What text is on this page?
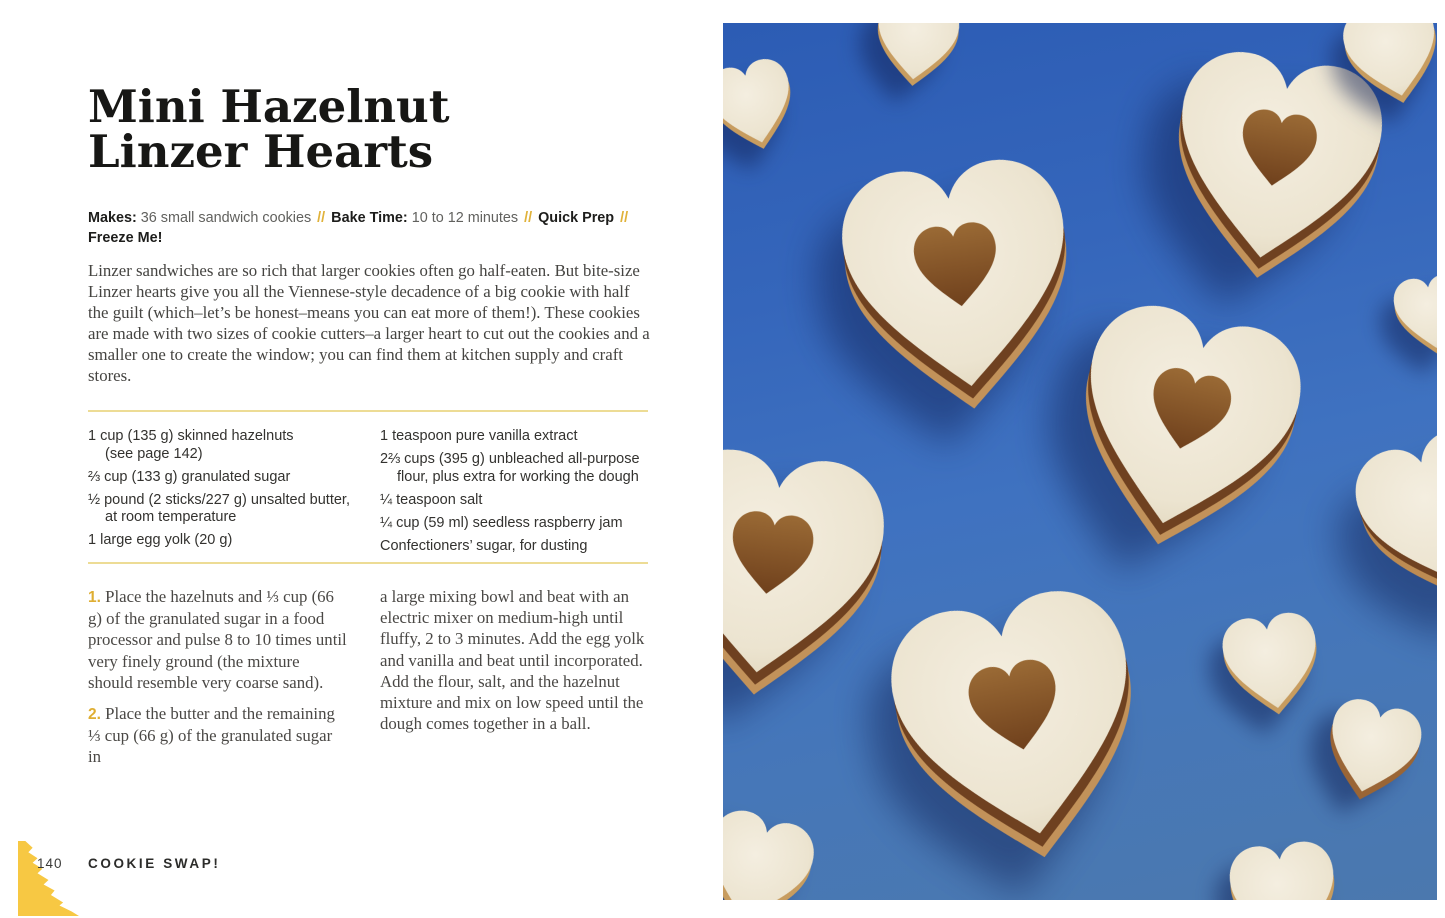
Mini Hazelnut
Linzer Hearts
Makes: 36 small sandwich cookies // Bake Time: 10 to 12 minutes // Quick Prep // Freeze Me!
Linzer sandwiches are so rich that larger cookies often go half-eaten. But bite-size Linzer hearts give you all the Viennese-style decadence of a big cookie with half the guilt (which–let’s be honest–means you can eat more of them!). These cookies are made with two sizes of cookie cutters–a larger heart to cut out the cookies and a smaller one to create the window; you can find them at kitchen supply and craft stores.
1 cup (135 g) skinned hazelnuts
(see page 142)
⅔ cup (133 g) granulated sugar
½ pound (2 sticks/227 g) unsalted butter,
at room temperature
1 large egg yolk (20 g)
1 teaspoon pure vanilla extract
2⅔ cups (395 g) unbleached all-purpose
flour, plus extra for working the dough
¼ teaspoon salt
¼ cup (59 ml) seedless raspberry jam
Confectioners’ sugar, for dusting
1. Place the hazelnuts and ⅓ cup (66 g) of the granulated sugar in a food processor and pulse 8 to 10 times until very finely ground (the mixture should resemble very coarse sand).
2. Place the butter and the remaining ⅓ cup (66 g) of the granulated sugar in
a large mixing bowl and beat with an electric mixer on medium-high until fluffy, 2 to 3 minutes. Add the egg yolk and vanilla and beat until incorporated. Add the flour, salt, and the hazelnut mixture and mix on low speed until the dough comes together in a ball.
140 COOKIE SWAP!
